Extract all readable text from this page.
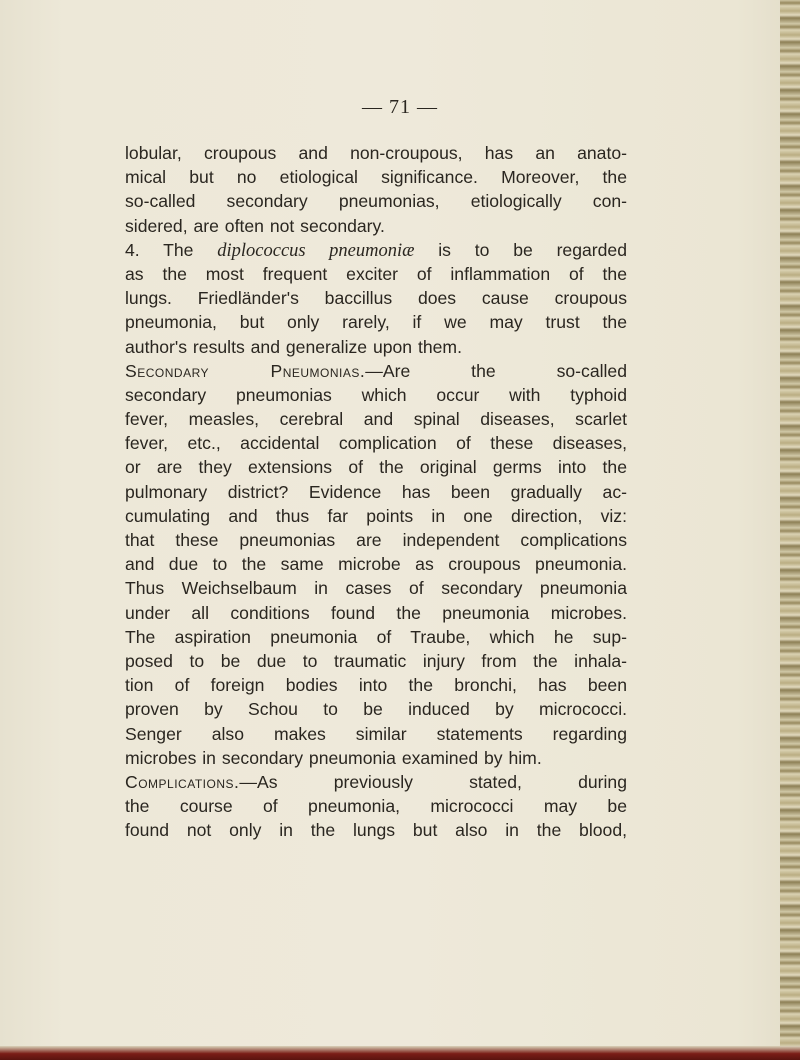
— 71 —
lobular, croupous and non-croupous, has an anato-
mical but no etiological significance. Moreover, the
so-called secondary pneumonias, etiologically con-
sidered, are often not secondary.
4. The diplococcus pneumoniæ is to be regarded
as the most frequent exciter of inflammation of the
lungs. Friedländer's baccillus does cause croupous
pneumonia, but only rarely, if we may trust the
author's results and generalize upon them.
Secondary Pneumonias.—Are the so-called
secondary pneumonias which occur with typhoid
fever, measles, cerebral and spinal diseases, scarlet
fever, etc., accidental complication of these diseases,
or are they extensions of the original germs into the
pulmonary district? Evidence has been gradually ac-
cumulating and thus far points in one direction, viz:
that these pneumonias are independent complications
and due to the same microbe as croupous pneumonia.
Thus Weichselbaum in cases of secondary pneumonia
under all conditions found the pneumonia microbes.
The aspiration pneumonia of Traube, which he sup-
posed to be due to traumatic injury from the inhala-
tion of foreign bodies into the bronchi, has been
proven by Schou to be induced by micrococci.
Senger also makes similar statements regarding
microbes in secondary pneumonia examined by him.
Complications.—As previously stated, during
the course of pneumonia, micrococci may be
found not only in the lungs but also in the blood,
